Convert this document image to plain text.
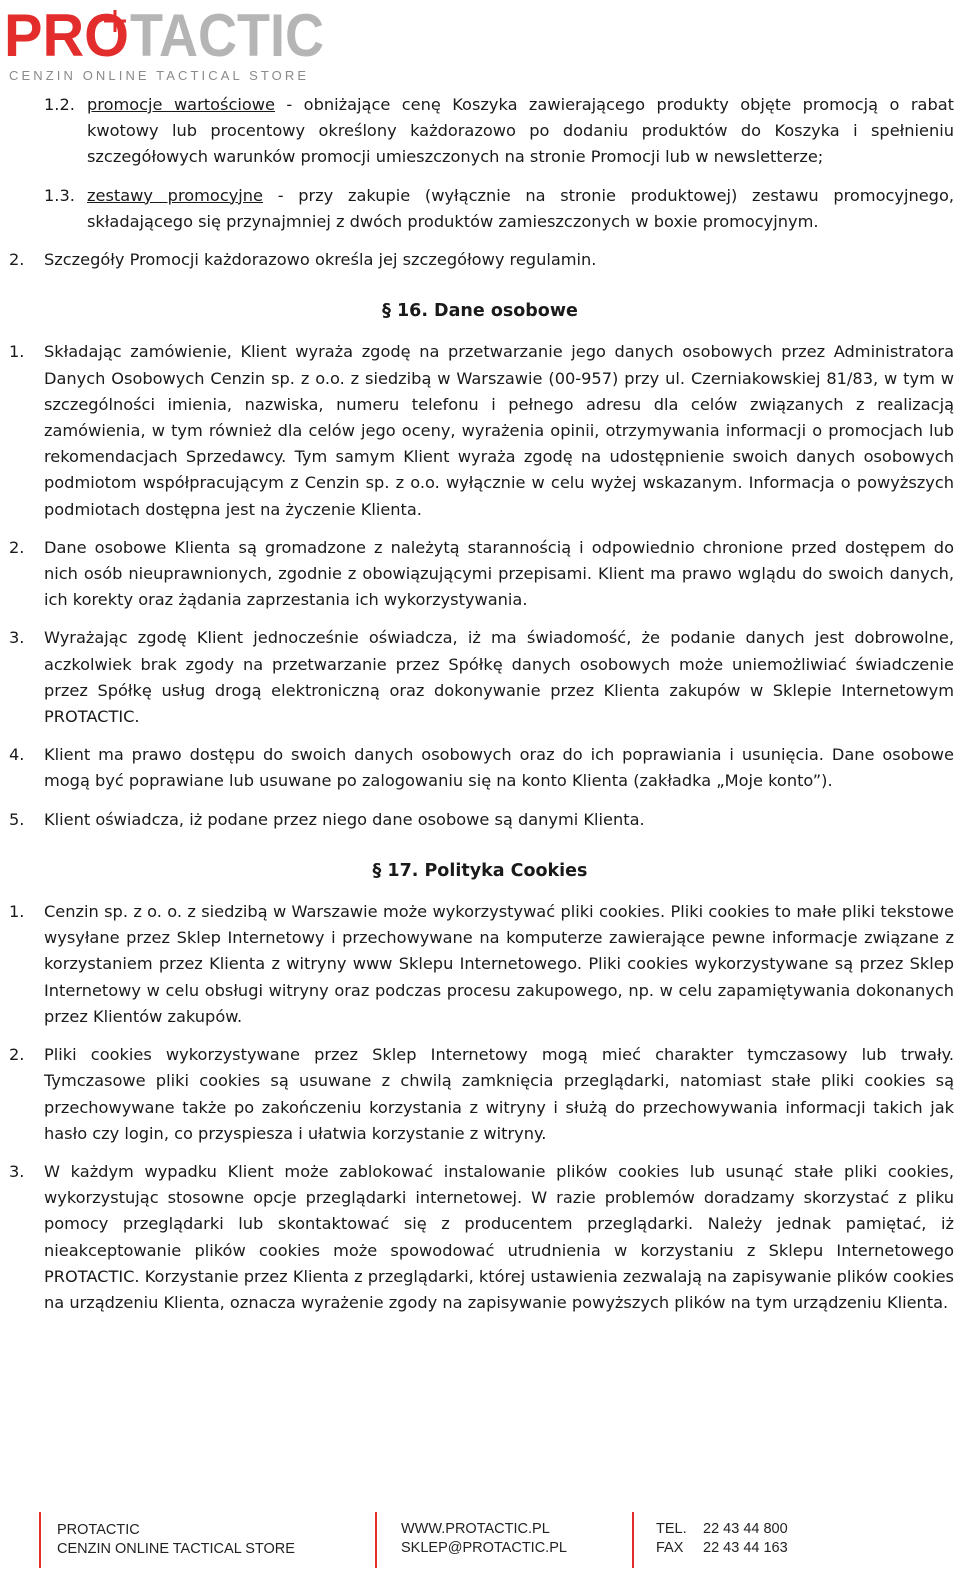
PRO TACTIC
CENZIN ONLINE TACTICAL STORE

1.2. promocje wartościowe - obniżające cenę Koszyka zawierającego produkty objęte promocją o rabat kwotowy lub procentowy określony każdorazowo po dodaniu produktów do Koszyka i spełnieniu szczegółowych warunków promocji umieszczonych na stronie Promocji lub w newsletterze;

1.3. zestawy promocyjne - przy zakupie (wyłącznie na stronie produktowej) zestawu promocyjnego, składającego się przynajmniej z dwóch produktów zamieszczonych w boxie promocyjnym.

2. Szczegóły Promocji każdorazowo określa jej szczegółowy regulamin.

§ 16. Dane osobowe

1. Składając zamówienie, Klient wyraża zgodę na przetwarzanie jego danych osobowych przez Administratora Danych Osobowych Cenzin sp. z o.o. z siedzibą w Warszawie (00-957) przy ul. Czerniakowskiej 81/83, w tym w szczególności imienia, nazwiska, numeru telefonu i pełnego adresu dla celów związanych z realizacją zamówienia, w tym również dla celów jego oceny, wyrażenia opinii, otrzymywania informacji o promocjach lub rekomendacjach Sprzedawcy. Tym samym Klient wyraża zgodę na udostępnienie swoich danych osobowych podmiotom współpracującym z Cenzin sp. z o.o. wyłącznie w celu wyżej wskazanym. Informacja o powyższych podmiotach dostępna jest na życzenie Klienta.

2. Dane osobowe Klienta są gromadzone z należytą starannością i odpowiednio chronione przed dostępem do nich osób nieuprawnionych, zgodnie z obowiązującymi przepisami. Klient ma prawo wglądu do swoich danych, ich korekty oraz żądania zaprzestania ich wykorzystywania.

3. Wyrażając zgodę Klient jednocześnie oświadcza, iż ma świadomość, że podanie danych jest dobrowolne, aczkolwiek brak zgody na przetwarzanie przez Spółkę danych osobowych może uniemożliwiać świadczenie przez Spółkę usług drogą elektroniczną oraz dokonywanie przez Klienta zakupów w Sklepie Internetowym PROTACTIC.

4. Klient ma prawo dostępu do swoich danych osobowych oraz do ich poprawiania i usunięcia. Dane osobowe mogą być poprawiane lub usuwane po zalogowaniu się na konto Klienta (zakładka „Moje konto”).

5. Klient oświadcza, iż podane przez niego dane osobowe są danymi Klienta.

§ 17. Polityka Cookies

1. Cenzin sp. z o. o. z siedzibą w Warszawie może wykorzystywać pliki cookies. Pliki cookies to małe pliki tekstowe wysyłane przez Sklep Internetowy i przechowywane na komputerze zawierające pewne informacje związane z korzystaniem przez Klienta z witryny www Sklepu Internetowego. Pliki cookies wykorzystywane są przez Sklep Internetowy w celu obsługi witryny oraz podczas procesu zakupowego, np. w celu zapamiętywania dokonanych przez Klientów zakupów.

2. Pliki cookies wykorzystywane przez Sklep Internetowy mogą mieć charakter tymczasowy lub trwały. Tymczasowe pliki cookies są usuwane z chwilą zamknięcia przeglądarki, natomiast stałe pliki cookies są przechowywane także po zakończeniu korzystania z witryny i służą do przechowywania informacji takich jak hasło czy login, co przyspiesza i ułatwia korzystanie z witryny.

3. W każdym wypadku Klient może zablokować instalowanie plików cookies lub usunąć stałe pliki cookies, wykorzystując stosowne opcje przeglądarki internetowej. W razie problemów doradzamy skorzystać z pliku pomocy przeglądarki lub skontaktować się z producentem przeglądarki. Należy jednak pamiętać, iż nieakceptowanie plików cookies może spowodować utrudnienia w korzystaniu z Sklepu Internetowego PROTACTIC. Korzystanie przez Klienta z przeglądarki, której ustawienia zezwalają na zapisywanie plików cookies na urządzeniu Klienta, oznacza wyrażenie zgody na zapisywanie powyższych plików na tym urządzeniu Klienta.

PROTACTIC
CENZIN ONLINE TACTICAL STORE
WWW.PROTACTIC.PL
SKLEP@PROTACTIC.PL
TEL. 22 43 44 800
FAX 22 43 44 163
